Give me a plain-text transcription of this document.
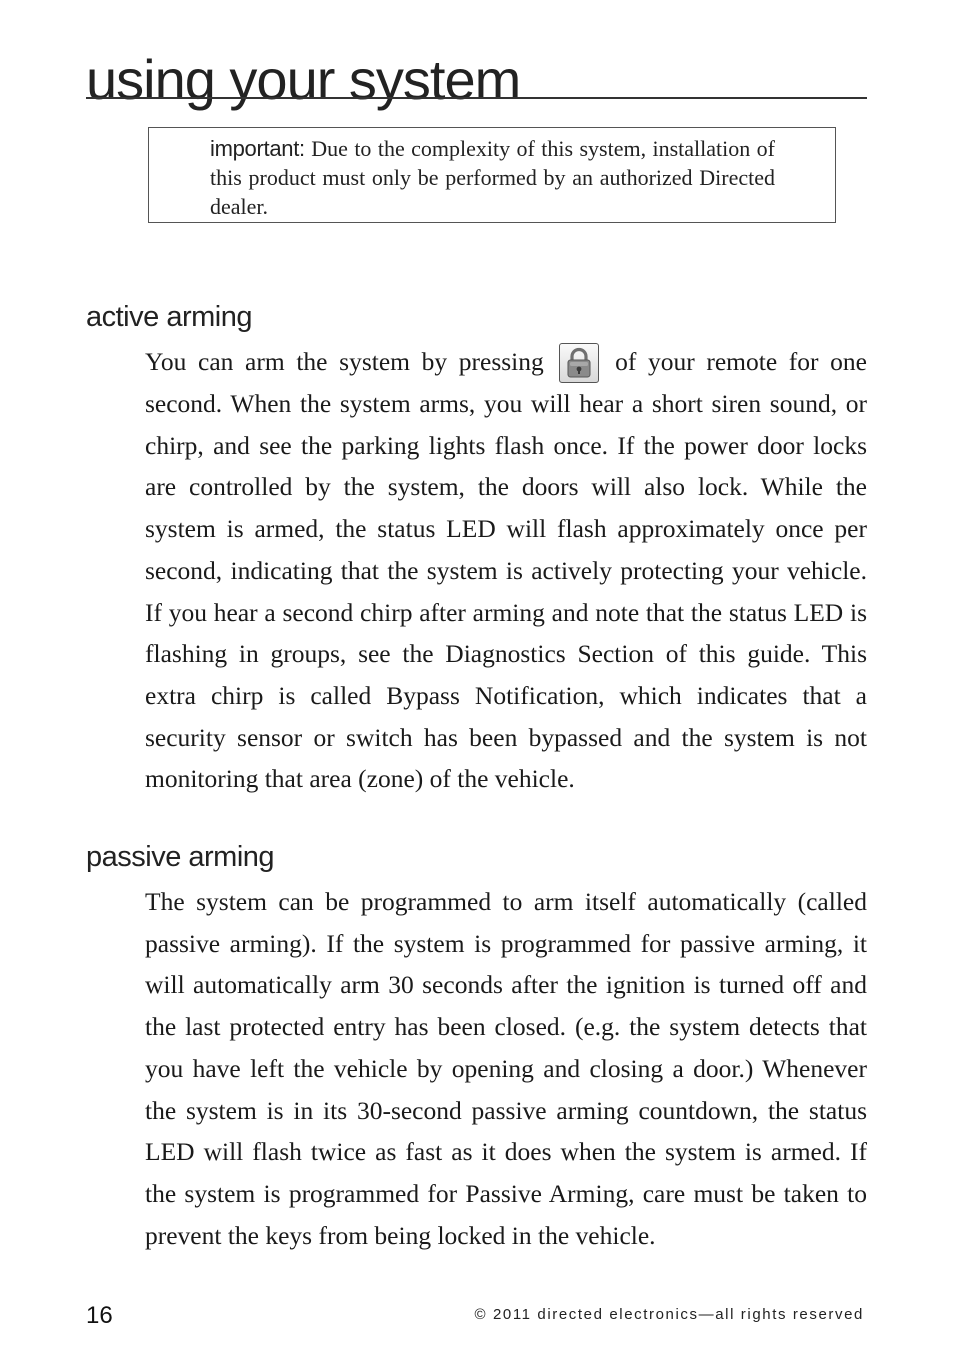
using your system

important: Due to the complexity of this system, installation of this product must only be performed by an authorized Directed dealer.

active arming

You can arm the system by pressing	of your remote for one second. When the system arms, you will hear a short siren sound, or chirp, and see the parking lights flash once. If the power door locks are controlled by the system, the doors will also lock. While the system is armed, the status LED will flash approximately once per second, indicating that the system is actively protecting your vehicle. If you hear a second chirp after arming and note that the status LED is flashing in groups, see the Diagnostics Section of this guide. This extra chirp is called Bypass Notification, which indicates that a security sensor or switch has been bypassed and the system is not monitoring that area (zone) of the vehicle.

passive arming

The system can be programmed to arm itself automatically (called passive arming). If the system is programmed for passive arming, it will automatically arm 30 seconds after the ignition is turned off and the last protected entry has been closed. (e.g. the system detects that you have left the vehicle by opening and closing a door.) Whenever the system is in its 30-second passive arming countdown, the status LED will flash twice as fast as it does when the system is armed. If the system is programmed for Passive Arming, care must be taken to prevent the keys from being locked in the vehicle.

16	© 2011 directed electronics—all rights reserved
